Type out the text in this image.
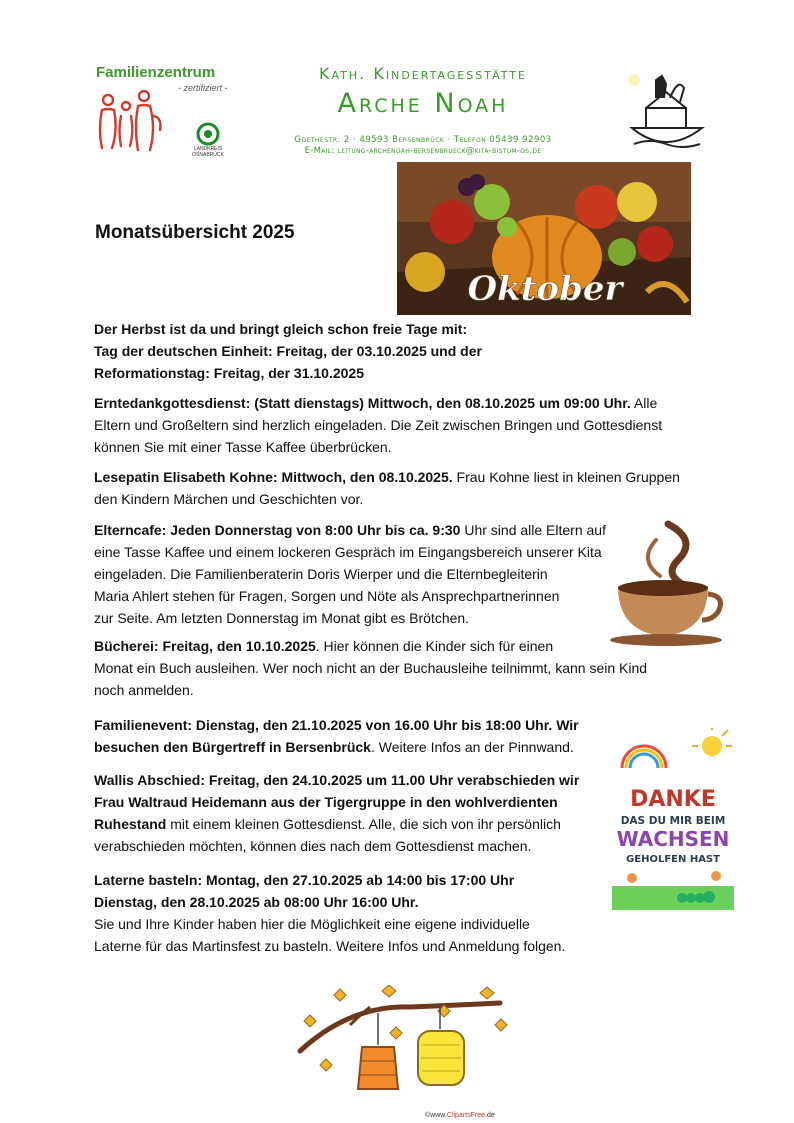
Familienzentrum
- zertifiziert -
LANDKREIS OSNABRÜCK
Kath. Kindertagesstätte
Arche Noah
Goethestr. 2 · 49593 Bersenbrück · Telefon 05439 92903
E-Mail: leitung-archenoah-bersenbrueck@kita-bistum-os.de
Monatsübersicht 2025
Oktober
Der Herbst ist da und bringt gleich schon freie Tage mit:
Tag der deutschen Einheit: Freitag, der 03.10.2025 und der
Reformationstag: Freitag, der 31.10.2025
Erntedankgottesdienst: (Statt dienstags) Mittwoch, den 08.10.2025 um 09:00 Uhr. Alle
Eltern und Großeltern sind herzlich eingeladen. Die Zeit zwischen Bringen und Gottesdienst
können Sie mit einer Tasse Kaffee überbrücken.
Lesepatin Elisabeth Kohne: Mittwoch, den 08.10.2025. Frau Kohne liest in kleinen Gruppen
den Kindern Märchen und Geschichten vor.
Elterncafe: Jeden Donnerstag von 8:00 Uhr bis ca. 9:30 Uhr sind alle Eltern auf
eine Tasse Kaffee und einem lockeren Gespräch im Eingangsbereich unserer Kita
eingeladen. Die Familienberaterin Doris Wierper und die Elternbegleiterin
Maria Ahlert stehen für Fragen, Sorgen und Nöte als Ansprechpartnerinnen
zur Seite. Am letzten Donnerstag im Monat gibt es Brötchen.
Bücherei: Freitag, den 10.10.2025. Hier können die Kinder sich für einen
Monat ein Buch ausleihen. Wer noch nicht an der Buchausleihe teilnimmt, kann sein Kind
noch anmelden.
Familienevent: Dienstag, den 21.10.2025 von 16.00 Uhr bis 18:00 Uhr. Wir
besuchen den Bürgertreff in Bersenbrück. Weitere Infos an der Pinnwand.
Wallis Abschied: Freitag, den 24.10.2025 um 11.00 Uhr verabschieden wir
Frau Waltraud Heidemann aus der Tigergruppe in den wohlverdienten
Ruhestand mit einem kleinen Gottesdienst. Alle, die sich von ihr persönlich
verabschieden möchten, können dies nach dem Gottesdienst machen.
DANKE
DAS DU MIR BEIM
WACHSEN
GEHOLFEN HAST
Laterne basteln: Montag, den 27.10.2025 ab 14:00 bis 17:00 Uhr
Dienstag, den 28.10.2025 ab 08:00 Uhr 16:00 Uhr.
Sie und Ihre Kinder haben hier die Möglichkeit eine eigene individuelle
Laterne für das Martinsfest zu basteln. Weitere Infos und Anmeldung folgen.
©www.ClipartsFree.de
